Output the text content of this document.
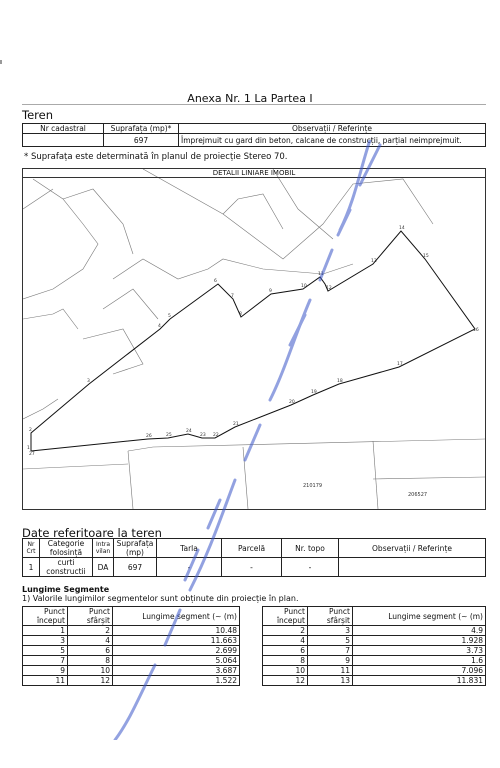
Anexa Nr. 1 La Partea I
Teren
Nr cadastral	Suprafața (mp)*	Observații / Referințe
	697	Împrejmuit cu gard din beton, calcane de construcții, parțial neimprejmuit.
* Suprafața este determinată în planul de proiecție Stereo 70.
1
2
3
4
5
6
7
8
9
10
11
12
13
14
15
16
17
18
19
20
21
22
23
24
25
26
27
210179
206527
DETALII LINIARE IMOBIL
Date referitoare la teren
Nr Crt	Categorie folosință	Intra vilan	Suprafața (mp)	Tarla	Parcelă	Nr. topo	Observații / Referințe
1	curti constructii	DA	697	-	-	-	
Lungime Segmente
1) Valorile lungimilor segmentelor sunt obținute din proiecție în plan.
Punct început	Punct sfârșit	Lungime segment (~ (m)
1	2	10.48
3	4	11.663
5	6	2.699
7	8	5.064
9	10	3.687
11	12	1.522
Punct început	Punct sfârșit	Lungime segment (~ (m)
2	3	4.9
4	5	1.928
6	7	3.73
8	9	1.6
10	11	7.096
12	13	11.831
